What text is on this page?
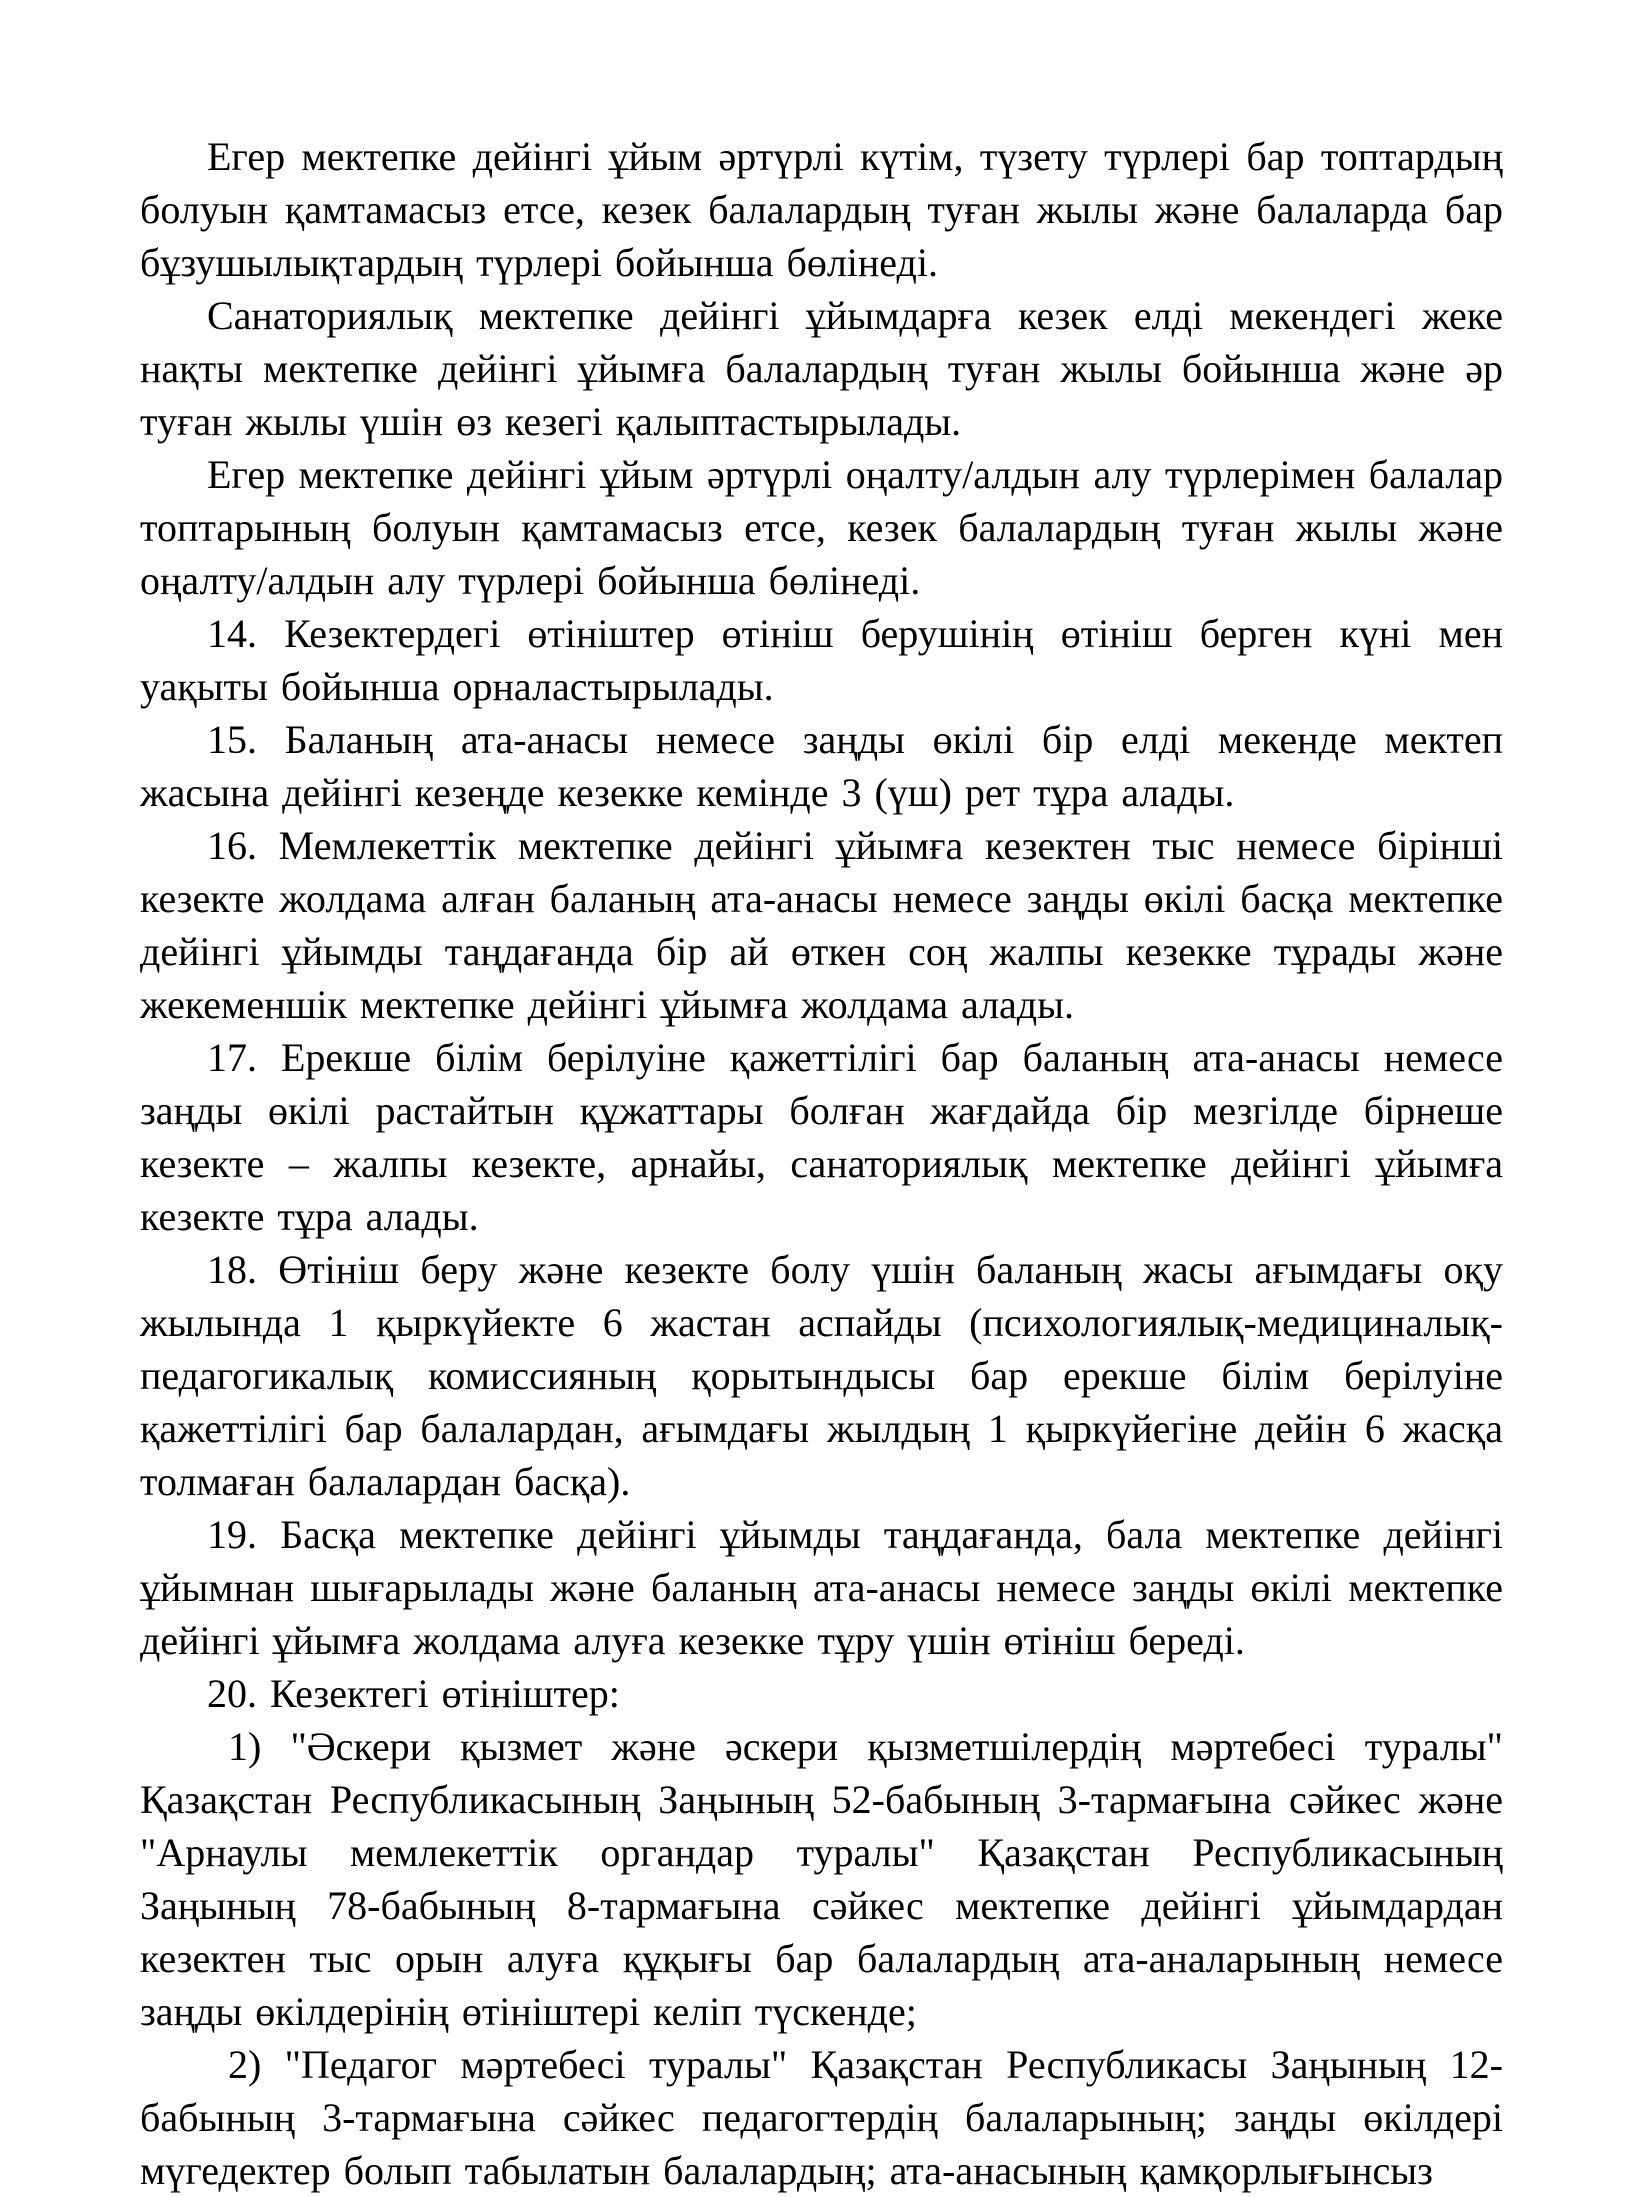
Егер мектепке дейінгі ұйым әртүрлі күтім, түзету түрлері бар топтардың болуын қамтамасыз етсе, кезек балалардың туған жылы және балаларда бар бұзушылықтардың түрлері бойынша бөлінеді.

Санаториялық мектепке дейінгі ұйымдарға кезек елді мекендегі жеке нақты мектепке дейінгі ұйымға балалардың туған жылы бойынша және әр туған жылы үшін өз кезегі қалыптастырылады.

Егер мектепке дейінгі ұйым әртүрлі оңалту/алдын алу түрлерімен балалар топтарының болуын қамтамасыз етсе, кезек балалардың туған жылы және оңалту/алдын алу түрлері бойынша бөлінеді.

14. Кезектердегі өтініштер өтініш берушінің өтініш берген күні мен уақыты бойынша орналастырылады.

15. Баланың ата-анасы немесе заңды өкілі бір елді мекенде мектеп жасына дейінгі кезеңде кезекке кемінде 3 (үш) рет тұра алады.

16. Мемлекеттік мектепке дейінгі ұйымға кезектен тыс немесе бірінші кезекте жолдама алған баланың ата-анасы немесе заңды өкілі басқа мектепке дейінгі ұйымды таңдағанда бір ай өткен соң жалпы кезекке тұрады және жекеменшік мектепке дейінгі ұйымға жолдама алады.

17. Ерекше білім берілуіне қажеттілігі бар баланың ата-анасы немесе заңды өкілі растайтын құжаттары болған жағдайда бір мезгілде бірнеше кезекте – жалпы кезекте, арнайы, санаториялық мектепке дейінгі ұйымға кезекте тұра алады.

18. Өтініш беру және кезекте болу үшін баланың жасы ағымдағы оқу жылында 1 қыркүйекте 6 жастан аспайды (психологиялық-медициналық-педагогикалық комиссияның қорытындысы бар ерекше білім берілуіне қажеттілігі бар балалардан, ағымдағы жылдың 1 қыркүйегіне дейін 6 жасқа толмаған балалардан басқа).

19. Басқа мектепке дейінгі ұйымды таңдағанда, бала мектепке дейінгі ұйымнан шығарылады және баланың ата-анасы немесе заңды өкілі мектепке дейінгі ұйымға жолдама алуға кезекке тұру үшін өтініш береді.

20. Кезектегі өтініштер:

1) "Әскери қызмет және әскери қызметшілердің мәртебесі туралы" Қазақстан Республикасының Заңының 52-бабының 3-тармағына сәйкес және "Арнаулы мемлекеттік органдар туралы" Қазақстан Республикасының Заңының 78-бабының 8-тармағына сәйкес мектепке дейінгі ұйымдардан кезектен тыс орын алуға құқығы бар балалардың ата-аналарының немесе заңды өкілдерінің өтініштері келіп түскенде;

2) "Педагог мәртебесі туралы" Қазақстан Республикасы Заңының 12-бабының 3-тармағына сәйкес педагогтердің балаларының; заңды өкілдері мүгедектер болып табылатын балалардың; ата-анасының қамқорлығынсыз
